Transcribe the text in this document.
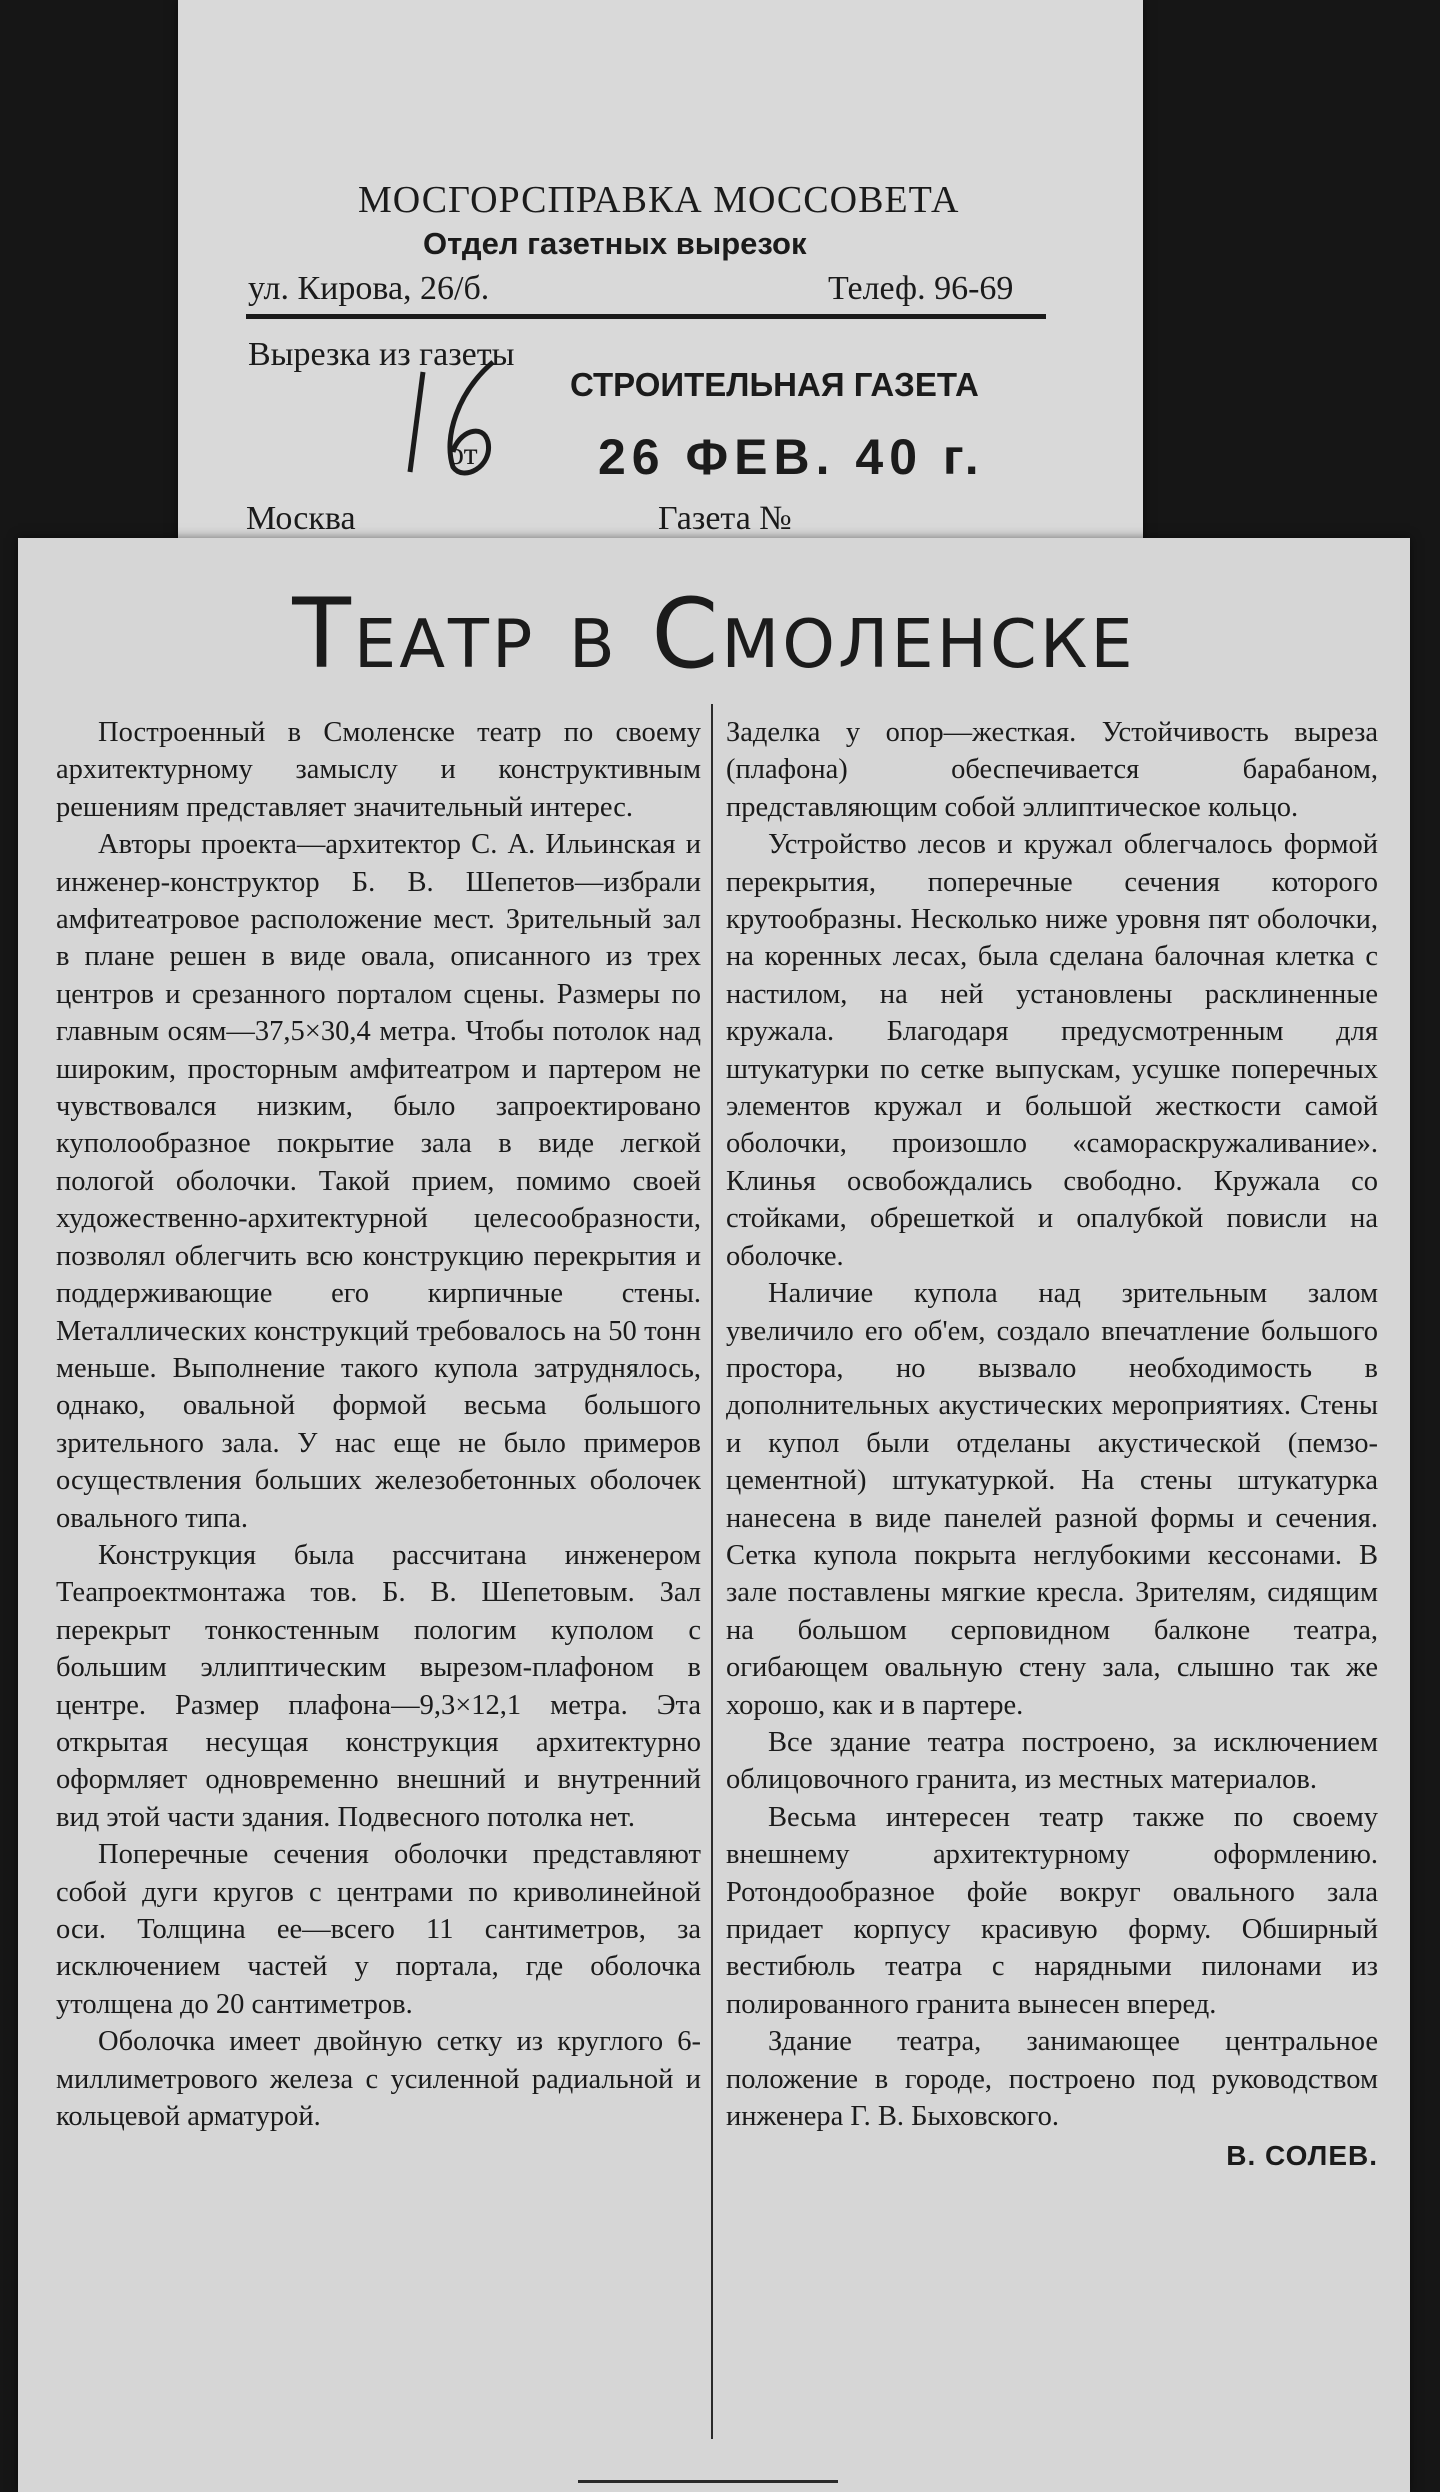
МОСГОРСПРАВКА МОССОВЕТА
Отдел газетных вырезок
ул. Кирова, 26/б.	Телеф. 96-69
Вырезка из газеты
СТРОИТЕЛЬНАЯ ГАЗЕТА
от 26 ФЕВ. 40 г.
Москва	Газета №
Театр в Смоленске

Построенный в Смоленске театр по своему архитектурному замыслу и конструктивным решениям представляет значительный интерес.

Авторы проекта—архитектор С. А. Ильинская и инженер-конструктор Б. В. Шепетов—избрали амфитеатровое расположение мест. Зрительный зал в плане решен в виде овала, описанного из трех центров и срезанного порталом сцены. Размеры по главным осям—37,5×30,4 метра. Чтобы потолок над широким, просторным амфитеатром и партером не чувствовался низким, было запроектировано куполообразное покрытие зала в виде легкой пологой оболочки. Такой прием, помимо своей художественно-архитектурной целесообразности, позволял облегчить всю конструкцию перекрытия и поддерживающие его кирпичные стены. Металлических конструкций требовалось на 50 тонн меньше. Выполнение такого купола затруднялось, однако, овальной формой весьма большого зрительного зала. У нас еще не было примеров осуществления больших железобетонных оболочек овального типа.

Конструкция была рассчитана инженером Теапроектмонтажа тов. Б. В. Шепетовым. Зал перекрыт тонкостенным пологим куполом с большим эллиптическим вырезом-плафоном в центре. Размер плафона—9,3×12,1 метра. Эта открытая несущая конструкция архитектурно оформляет одновременно внешний и внутренний вид этой части здания. Подвесного потолка нет.

Поперечные сечения оболочки представляют собой дуги кругов с центрами по криволинейной оси. Толщина ее—всего 11 сантиметров, за исключением частей у портала, где оболочка утолщена до 20 сантиметров.

Оболочка имеет двойную сетку из круглого 6-миллиметрового железа с усиленной радиальной и кольцевой арматурой.

Заделка у опор—жесткая. Устойчивость выреза (плафона) обеспечивается барабаном, представляющим собой эллиптическое кольцо.

Устройство лесов и кружал облегчалось формой перекрытия, поперечные сечения которого крутообразны. Несколько ниже уровня пят оболочки, на коренных лесах, была сделана балочная клетка с настилом, на ней установлены расклиненные кружала. Благодаря предусмотренным для штукатурки по сетке выпускам, усушке поперечных элементов кружал и большой жесткости самой оболочки, произошло «самораскружаливание». Клинья освобождались свободно. Кружала со стойками, обрешеткой и опалубкой повисли на оболочке.

Наличие купола над зрительным залом увеличило его об'ем, создало впечатление большого простора, но вызвало необходимость в дополнительных акустических мероприятиях. Стены и купол были отделаны акустической (пемзо-цементной) штукатуркой. На стены штукатурка нанесена в виде панелей разной формы и сечения. Сетка купола покрыта неглубокими кессонами. В зале поставлены мягкие кресла. Зрителям, сидящим на большом серповидном балконе театра, огибающем овальную стену зала, слышно так же хорошо, как и в партере.

Все здание театра построено, за исключением облицовочного гранита, из местных материалов.

Весьма интересен театр также по своему внешнему архитектурному оформлению. Ротондообразное фойе вокруг овального зала придает корпусу красивую форму. Обширный вестибюль театра с нарядными пилонами из полированного гранита вынесен вперед.

Здание театра, занимающее центральное положение в городе, построено под руководством инженера Г. В. Быховского.

В. СОЛЕВ.
